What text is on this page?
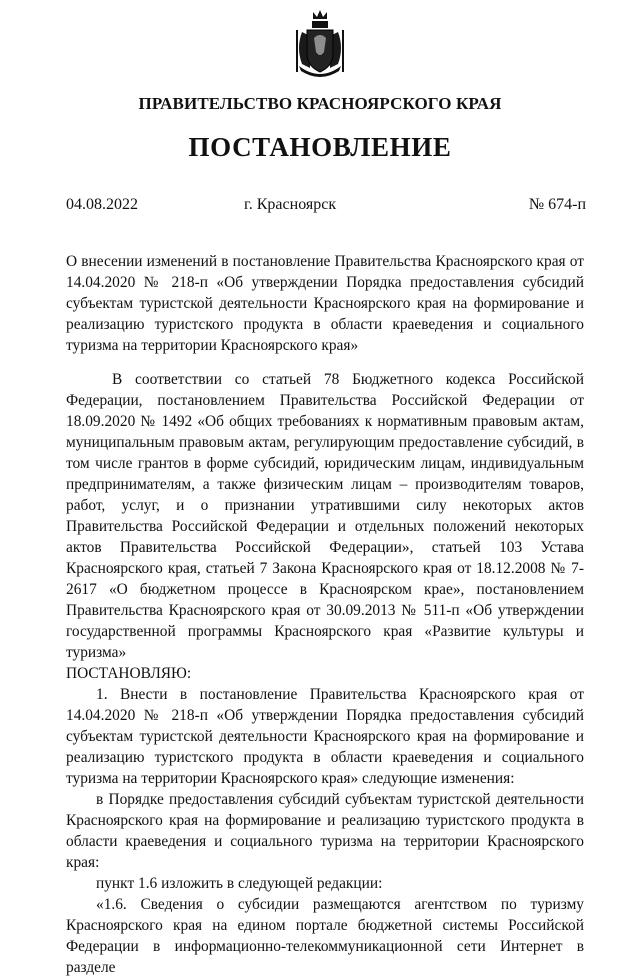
ПРАВИТЕЛЬСТВО КРАСНОЯРСКОГО КРАЯ
ПОСТАНОВЛЕНИЕ
04.08.2022	г. Красноярск	№ 674-п

О внесении изменений в постановление Правительства Красноярского края от 14.04.2020 № 218-п «Об утверждении Порядка предоставления субсидий субъектам туристской деятельности Красноярского края на формирование и реализацию туристского продукта в области краеведения и социального туризма на территории Красноярского края»

В соответствии со статьей 78 Бюджетного кодекса Российской Федерации, постановлением Правительства Российской Федерации от 18.09.2020 № 1492 «Об общих требованиях к нормативным правовым актам, муниципальным правовым актам, регулирующим предоставление субсидий, в том числе грантов в форме субсидий, юридическим лицам, индивидуальным предпринимателям, а также физическим лицам – производителям товаров, работ, услуг, и о признании утратившими силу некоторых актов Правительства Российской Федерации и отдельных положений некоторых актов Правительства Российской Федерации», статьей 103 Устава Красноярского края, статьей 7 Закона Красноярского края от 18.12.2008 № 7-2617 «О бюджетном процессе в Красноярском крае», постановлением Правительства Красноярского края от 30.09.2013 № 511-п «Об утверждении государственной программы Красноярского края «Развитие культуры и туризма»

ПОСТАНОВЛЯЮ:

1. Внести в постановление Правительства Красноярского края от 14.04.2020 № 218-п «Об утверждении Порядка предоставления субсидий субъектам туристской деятельности Красноярского края на формирование и реализацию туристского продукта в области краеведения и социального туризма на территории Красноярского края» следующие изменения:

в Порядке предоставления субсидий субъектам туристской деятельности Красноярского края на формирование и реализацию туристского продукта в области краеведения и социального туризма на территории Красноярского края:

пункт 1.6 изложить в следующей редакции:

«1.6. Сведения о субсидии размещаются агентством по туризму Красноярского края на едином портале бюджетной системы Российской Федерации в информационно-телекоммуникационной сети Интернет в разделе
